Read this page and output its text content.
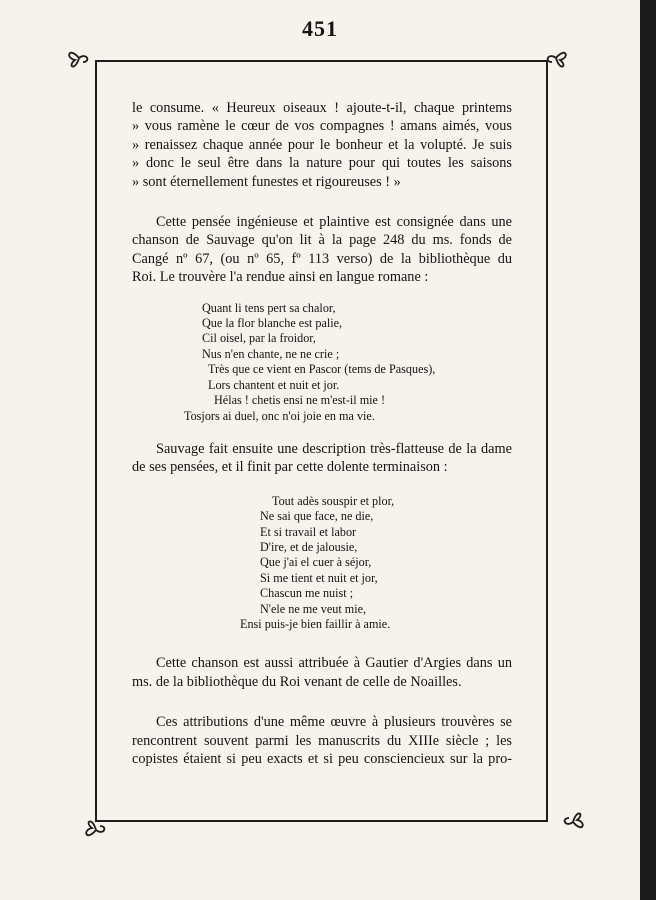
451
le consume. « Heureux oiseaux ! ajoute-t-il, chaque printems
» vous ramène le cœur de vos compagnes ! amans aimés, vous
» renaissez chaque année pour le bonheur et la volupté. Je suis
» donc le seul être dans la nature pour qui toutes les saisons
» sont éternellement funestes et rigoureuses ! »
Cette pensée ingénieuse et plaintive est consignée dans une
chanson de Sauvage qu'on lit à la page 248 du ms. fonds de
Cangé nº 67, (ou nº 65, fº 113 verso) de la bibliothèque du
Roi. Le trouvère l'a rendue ainsi en langue romane :
Quant li tens pert sa chalor,
Que la flor blanche est palie,
Cil oisel, par la froidor,
Nus n'en chante, ne ne crie ;
Très que ce vient en Pascor (tems de Pasques),
Lors chantent et nuit et jor.
Hélas ! chetis ensi ne m'est-il mie !
Tosjors ai duel, onc n'oi joie en ma vie.
Sauvage fait ensuite une description très-flatteuse de la dame
de ses pensées, et il finit par cette dolente terminaison :
Tout adès souspir et plor,
Ne sai que face, ne die,
Et si travail et labor
D'ire, et de jalousie,
Que j'ai el cuer à séjor,
Si me tient et nuit et jor,
Chascun me nuist ;
N'ele ne me veut mie,
Ensi puis-je bien faillir à amie.
Cette chanson est aussi attribuée à Gautier d'Argies dans un
ms. de la bibliothèque du Roi venant de celle de Noailles.
Ces attributions d'une même œuvre à plusieurs trouvères se
rencontrent souvent parmi les manuscrits du XIIIe siècle ; les
copistes étaient si peu exacts et si peu consciencieux sur la pro-
